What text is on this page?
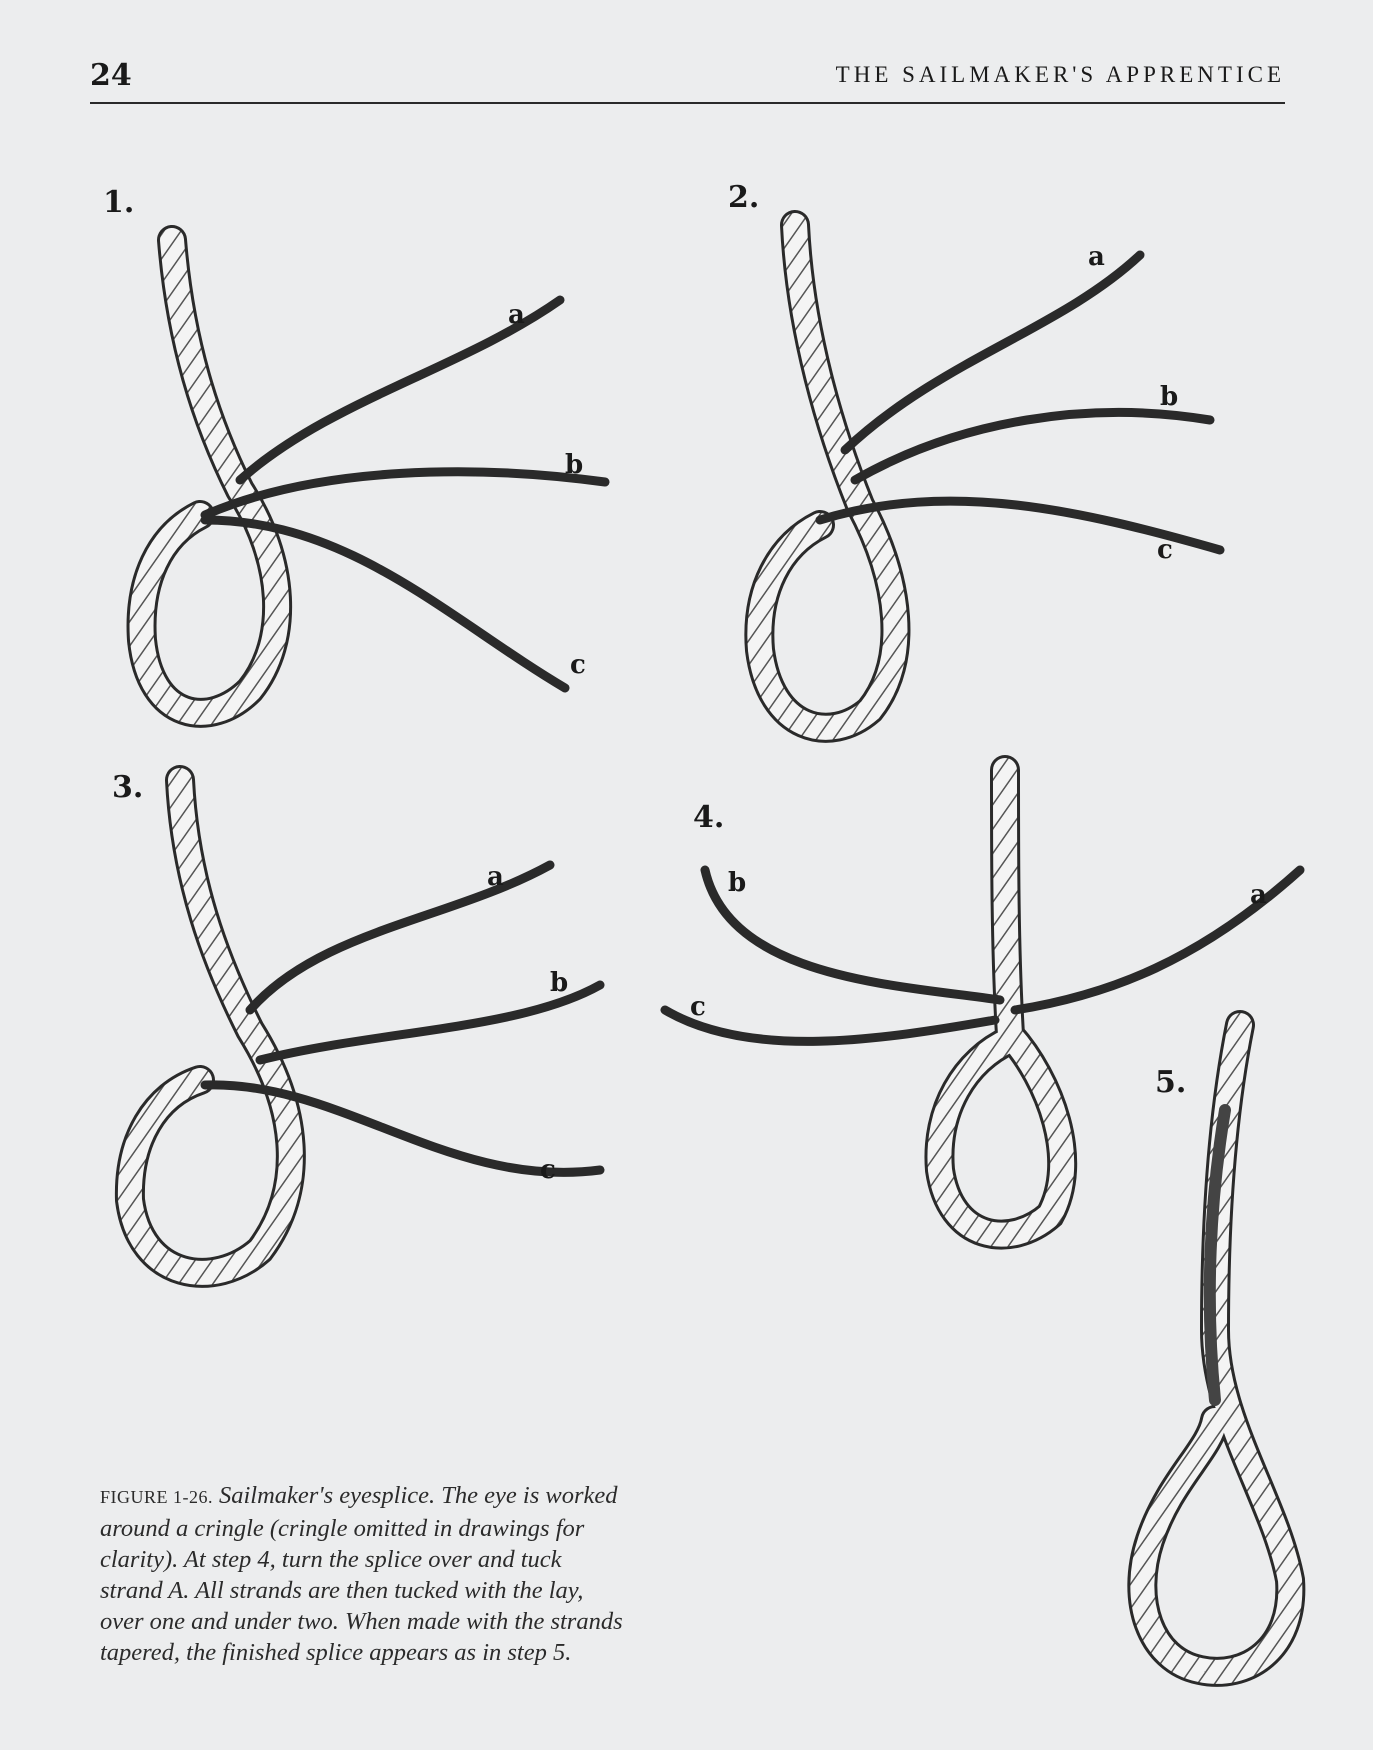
24	THE SAILMAKER'S APPRENTICE
1.	2.
3.
4.
5.
a
b
c
a
b
c
a
b
c
a
b
c
FIGURE 1-26. Sailmaker's eyesplice. The eye is worked around a cringle (cringle omitted in drawings for clarity). At step 4, turn the splice over and tuck strand A. All strands are then tucked with the lay, over one and under two. When made with the strands tapered, the finished splice appears as in step 5.
